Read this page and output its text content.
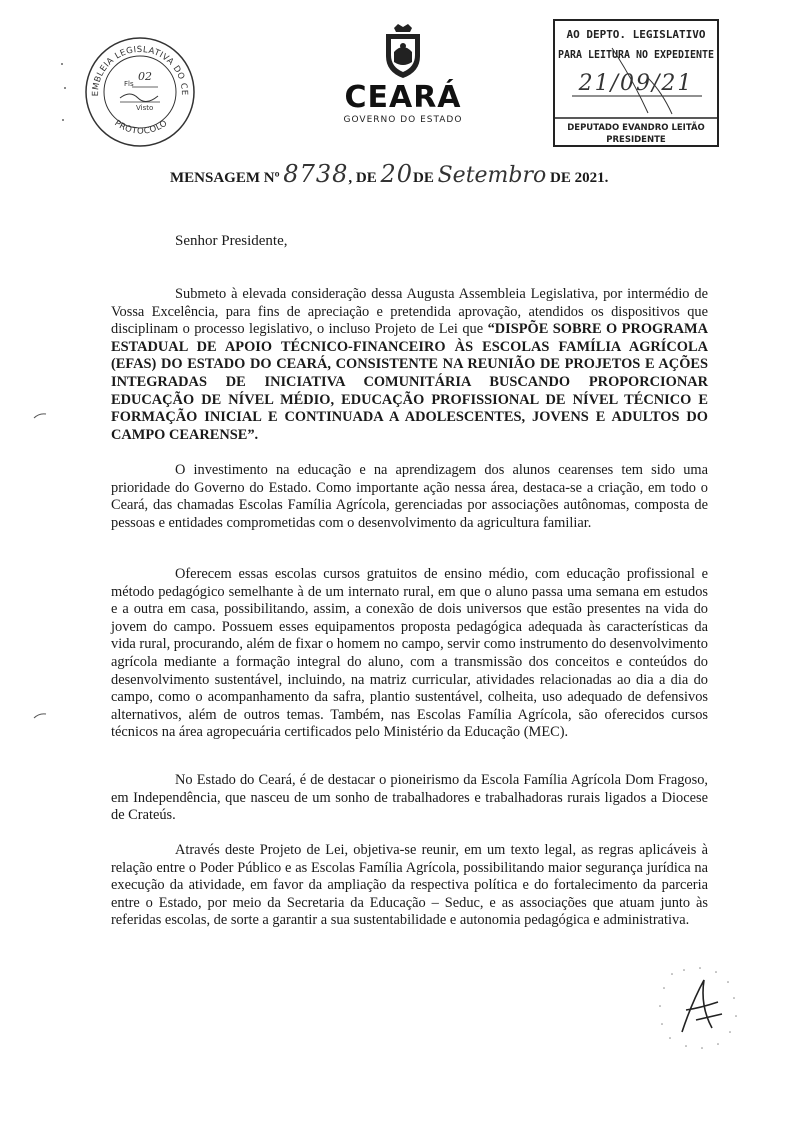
EMBLEIA LEGISLATIVA DO CE
PROTOCOLO
Fls
02
Visto	CEARÁ
GOVERNO DO ESTADO
AO DEPTO. LEGISLATIVO
PARA LEITURA NO EXPEDIENTE
21/09/21
DEPUTADO EVANDRO LEITÃO
PRESIDENTE
MENSAGEM Nº 8738, DE 20DE Setembro DE 2021.
Senhor Presidente,
Submeto à elevada consideração dessa Augusta Assembleia Legislativa, por intermédio de Vossa Excelência, para fins de apreciação e pretendida aprovação, atendidos os dispositivos que disciplinam o processo legislativo, o incluso Projeto de Lei que “DISPÕE SOBRE O PROGRAMA ESTADUAL DE APOIO TÉCNICO-FINANCEIRO ÀS ESCOLAS FAMÍLIA AGRÍCOLA (EFAS) DO ESTADO DO CEARÁ, CONSISTENTE NA REUNIÃO DE PROJETOS E AÇÕES INTEGRADAS DE INICIATIVA COMUNITÁRIA BUSCANDO PROPORCIONAR EDUCAÇÃO DE NÍVEL MÉDIO, EDUCAÇÃO PROFISSIONAL DE NÍVEL TÉCNICO E FORMAÇÃO INICIAL E CONTINUADA A ADOLESCENTES, JOVENS E ADULTOS DO CAMPO CEARENSE”.
O investimento na educação e na aprendizagem dos alunos cearenses tem sido uma prioridade do Governo do Estado. Como importante ação nessa área, destaca-se a criação, em todo o Ceará, das chamadas Escolas Família Agrícola, gerenciadas por associações autônomas, composta de pessoas e entidades comprometidas com o desenvolvimento da agricultura familiar.
Oferecem essas escolas cursos gratuitos de ensino médio, com educação profissional e método pedagógico semelhante à de um internato rural, em que o aluno passa uma semana em estudos e a outra em casa, possibilitando, assim, a conexão de dois universos que estão presentes na vida do jovem do campo. Possuem esses equipamentos proposta pedagógica adequada às características da vida rural, procurando, além de fixar o homem no campo, servir como instrumento do desenvolvimento agrícola mediante a formação integral do aluno, com a transmissão dos conceitos e conteúdos do desenvolvimento sustentável, incluindo, na matriz curricular, atividades relacionadas ao dia a dia do campo, como o acompanhamento da safra, plantio sustentável, colheita, uso adequado de defensivos alternativos, além de outros temas. Também, nas Escolas Família Agrícola, são oferecidos cursos técnicos na área agropecuária certificados pelo Ministério da Educação (MEC).
No Estado do Ceará, é de destacar o pioneirismo da Escola Família Agrícola Dom Fragoso, em Independência, que nasceu de um sonho de trabalhadores e trabalhadoras rurais ligados a Diocese de Crateús.
Através deste Projeto de Lei, objetiva-se reunir, em um texto legal, as regras aplicáveis à relação entre o Poder Público e as Escolas Família Agrícola, possibilitando maior segurança jurídica na execução da atividade, em favor da ampliação da respectiva política e do fortalecimento da parceria entre o Estado, por meio da Secretaria da Educação – Seduc, e as associações que atuam junto às referidas escolas, de sorte a garantir a sua sustentabilidade e autonomia pedagógica e administrativa.
